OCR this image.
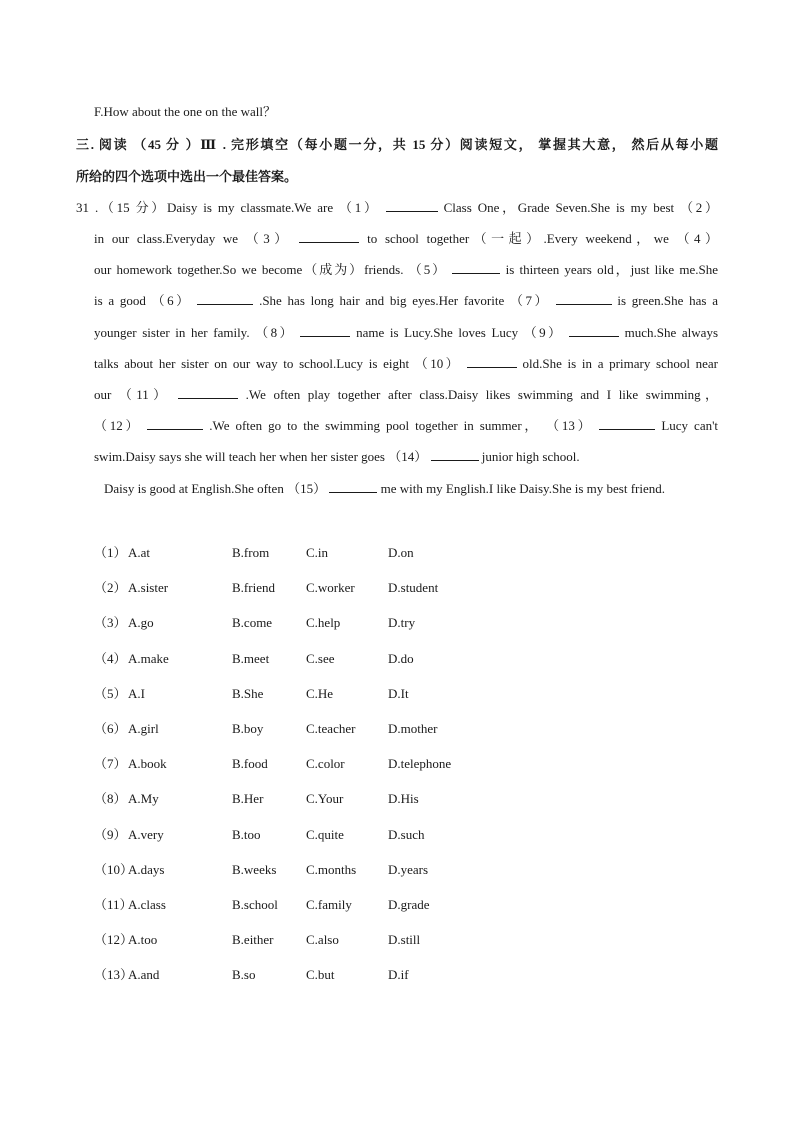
F.How about the one on the wall？
三. 阅读 （45 分 ）Ⅲ . 完形填空（每小题一分，共 15 分）阅读短文， 掌握其大意， 然后从每小题
所给的四个选项中选出一个最佳答案。
31 .（15 分）Daisy is my classmate.We are （1）	Class One，Grade Seven.She is my best （2）
in our class.Everyday we （3）	to school together（一起）.Every weekend，we （4）
our homework together.So we become（成为）friends. （5）	is thirteen years old，just like me.She
is a good （6）	.She has long hair and big eyes.Her favorite （7）	is green.She has a
younger sister in her family. （8）	name is Lucy.She loves Lucy （9）	much.She always
talks about her sister on our way to school.Lucy is eight （10）	old.She is in a primary school near
our （11）	.We often play together after class.Daisy likes swimming and I like swimming，
（12）	.We often go to the swimming pool together in summer， （13）	Lucy can't
swim.Daisy says she will teach her when her sister goes （14）	junior high school.
Daisy is good at English.She often （15）	me with my English.I like Daisy.She is my best friend.
（1） A.at	B.from	C.in	D.on
（2） A.sister	B.friend C.worker	D.student
（3） A.go	B.come	C.help	D.try
（4） A.make	B.meet	C.see	D.do
（5） A.I	B.She	C.He	D.It
（6） A.girl	B.boy	C.teacher	D.mother
（7） A.book	B.food	C.color	D.telephone
（8） A.My	B.Her	C.Your	D.His
（9） A.very	B.too	C.quite	D.such
（10）
A.days	B.weeks C.months D.years
（11）
A.class	B.school C.family	D.grade
（12）
A.too	B.either C.also	D.still
（13）
A.and	B.so	C.but	D.if
